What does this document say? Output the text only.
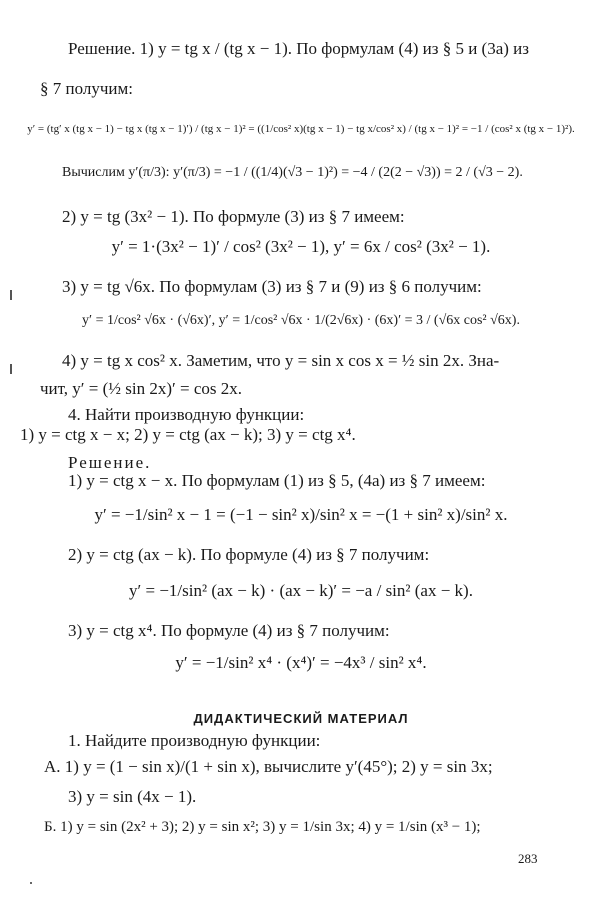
Решение. 1) y = tg x / (tg x − 1). По формулам (4) из § 5 и (3а) из
§ 7 получим:
y′ = (tg′ x (tg x − 1) − tg x (tg x − 1)′) / (tg x − 1)² = ((1/cos² x)(tg x − 1) − tg x/cos² x) / (tg x − 1)² = −1 / (cos² x (tg x − 1)²).
Вычислим y′(π/3): y′(π/3) = −1 / ((1/4)(√3 − 1)²) = −4 / (2(2 − √3)) = 2 / (√3 − 2).
2) y = tg (3x² − 1). По формуле (3) из § 7 имеем:
y′ = 1·(3x² − 1)′ / cos² (3x² − 1), y′ = 6x / cos² (3x² − 1).
3) y = tg √6x. По формулам (3) из § 7 и (9) из § 6 получим:
y′ = 1/cos² √6x · (√6x)′, y′ = 1/cos² √6x · 1/(2√6x) · (6x)′ = 3 / (√6x cos² √6x).
4) y = tg x cos² x. Заметим, что y = sin x cos x = ½ sin 2x. Зна-
чит, y′ = (½ sin 2x)′ = cos 2x.
4. Найти производную функции:
1) y = ctg x − x; 2) y = ctg (ax − k); 3) y = ctg x⁴.
Решение.
1) y = ctg x − x. По формулам (1) из § 5, (4а) из § 7 имеем:
y′ = −1/sin² x − 1 = (−1 − sin² x)/sin² x = −(1 + sin² x)/sin² x.
2) y = ctg (ax − k). По формуле (4) из § 7 получим:
y′ = −1/sin² (ax − k) · (ax − k)′ = −a / sin² (ax − k).
3) y = ctg x⁴. По формуле (4) из § 7 получим:
y′ = −1/sin² x⁴ · (x⁴)′ = −4x³ / sin² x⁴.
ДИДАКТИЧЕСКИЙ МАТЕРИАЛ
1. Найдите производную функции:
А. 1) y = (1 − sin x)/(1 + sin x), вычислите y′(45°); 2) y = sin 3x;
3) y = sin (4x − 1).
Б. 1) y = sin (2x² + 3); 2) y = sin x²; 3) y = 1/sin 3x; 4) y = 1/sin (x³ − 1);
283
